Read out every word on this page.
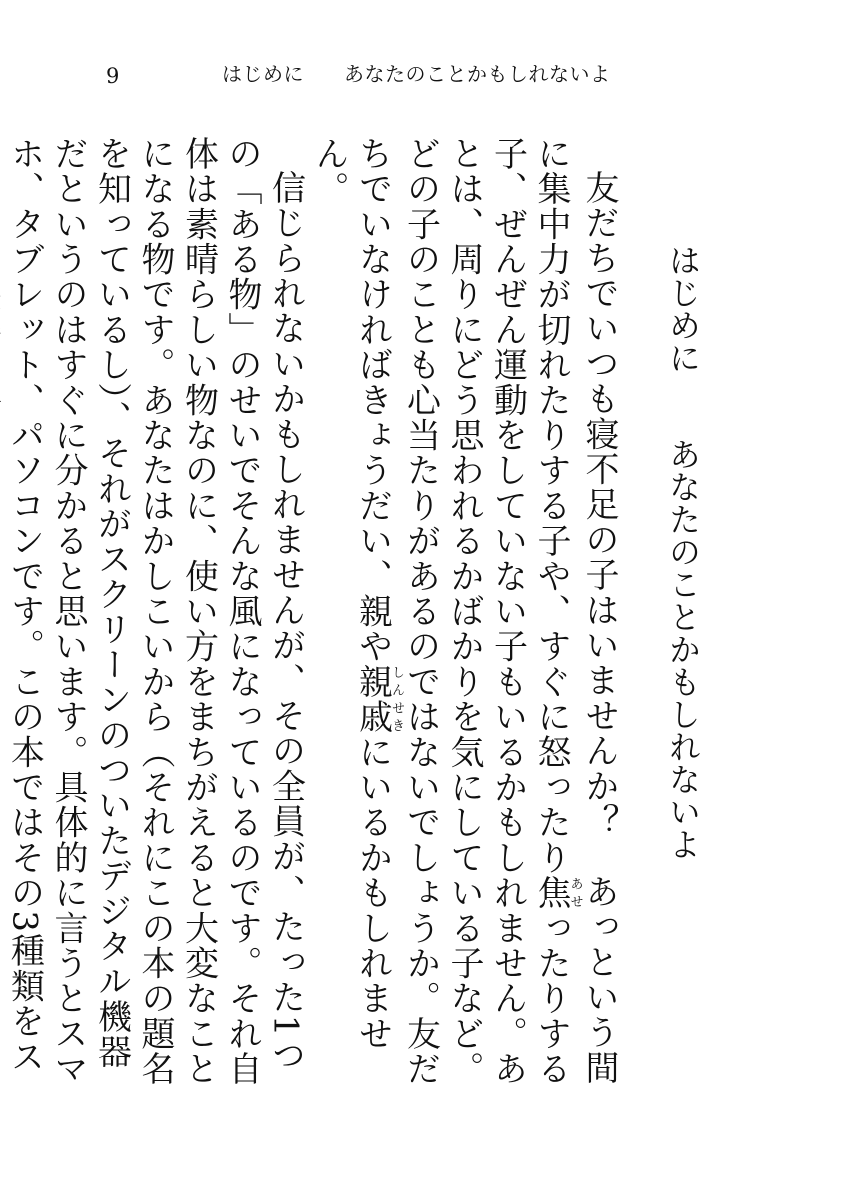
9	はじめに あなたのことかもしれないよ
はじめにあなたのことかもしれないよ

友だちでいつも寝不足の子はいませんか？　あっという間に集中力が切れたりする子や、すぐに怒ったり焦あせったりする子、ぜんぜん運動をしていない子もいるかもしれません。あとは、周りにどう思われるかばかりを気にしている子など。どの子のことも心当たりがあるのではないでしょうか。友だちでいなければきょうだい、親や親戚しんせきにいるかもしれません。

信じられないかもしれませんが、その全員が、たった1つの「ある物」のせいでそんな風になっているのです。それ自体は素晴らしい物なのに、使い方をまちがえると大変なことになる物です。あなたはかしこいから（それにこの本の題名を知っているし）、それがスクリーンのついたデジタル機器だというのはすぐに分かると思います。具体的に言うとスマホ、タブレット、パソコンです。この本ではその3種類をス
